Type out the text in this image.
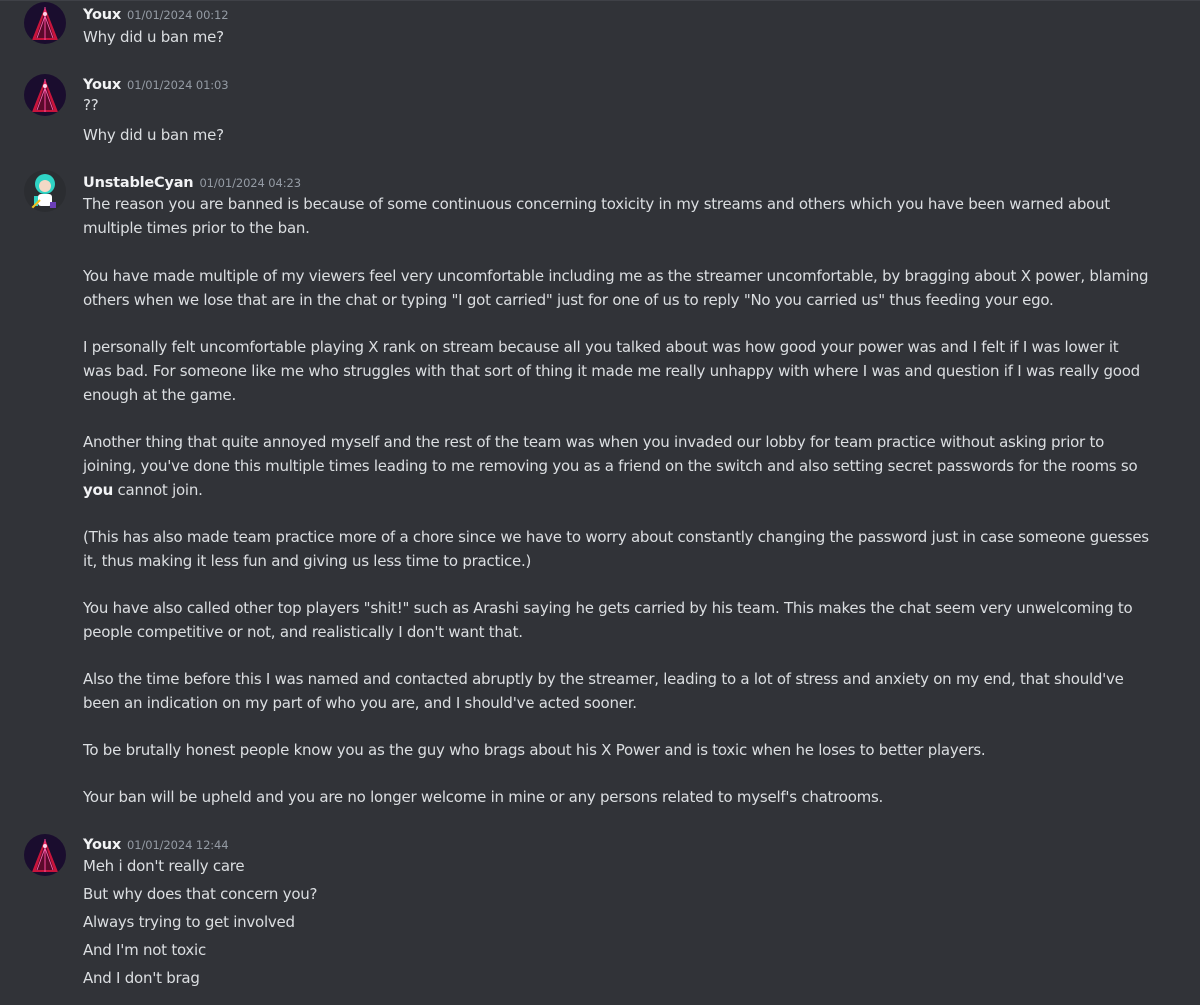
Youx 01/01/2024 00:12
Why did u ban me?
Youx 01/01/2024 01:03
??
Why did u ban me?
UnstableCyan 01/01/2024 04:23
The reason you are banned is because of some continuous concerning toxicity in my streams and others which you have been warned about
multiple times prior to the ban.
You have made multiple of my viewers feel very uncomfortable including me as the streamer uncomfortable, by bragging about X power, blaming
others when we lose that are in the chat or typing "I got carried" just for one of us to reply "No you carried us" thus feeding your ego.
I personally felt uncomfortable playing X rank on stream because all you talked about was how good your power was and I felt if I was lower it
was bad. For someone like me who struggles with that sort of thing it made me really unhappy with where I was and question if I was really good
enough at the game.
Another thing that quite annoyed myself and the rest of the team was when you invaded our lobby for team practice without asking prior to
joining, you've done this multiple times leading to me removing you as a friend on the switch and also setting secret passwords for the rooms so
you cannot join.
(This has also made team practice more of a chore since we have to worry about constantly changing the password just in case someone guesses
it, thus making it less fun and giving us less time to practice.)
You have also called other top players "shit!" such as Arashi saying he gets carried by his team. This makes the chat seem very unwelcoming to
people competitive or not, and realistically I don't want that.
Also the time before this I was named and contacted abruptly by the streamer, leading to a lot of stress and anxiety on my end, that should've
been an indication on my part of who you are, and I should've acted sooner.
To be brutally honest people know you as the guy who brags about his X Power and is toxic when he loses to better players.
Your ban will be upheld and you are no longer welcome in mine or any persons related to myself's chatrooms.
Youx 01/01/2024 12:44
Meh i don't really care
But why does that concern you?
Always trying to get involved
And I'm not toxic
And I don't brag
